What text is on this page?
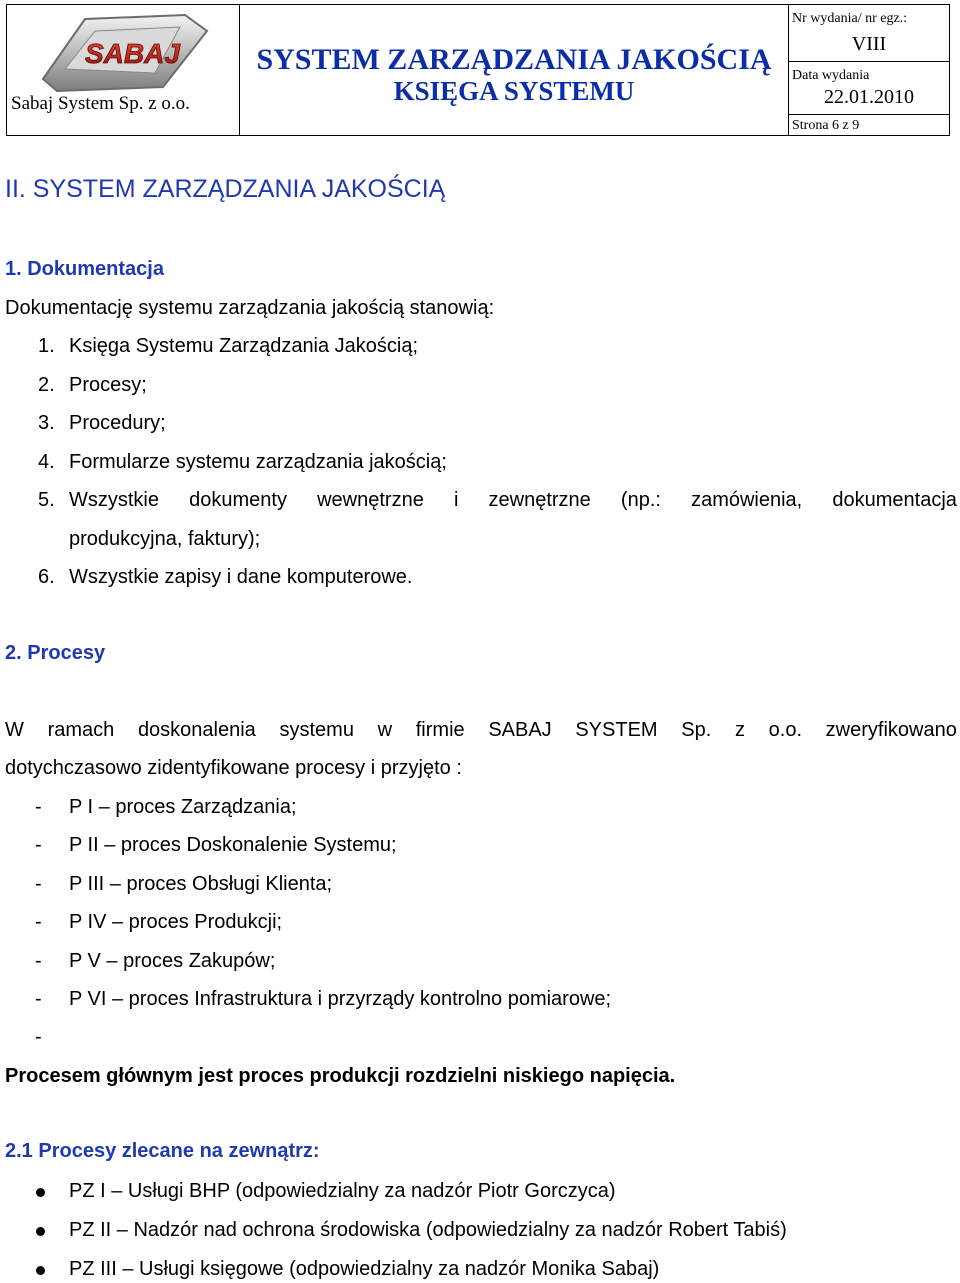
SABAJ
Sabaj System Sp. z o.o.
SYSTEM ZARZĄDZANIA JAKOŚCIĄ
KSIĘGA SYSTEMU
Nr wydania/ nr egz.:
VIII
Data wydania
22.01.2010
Strona 6 z 9
II. SYSTEM ZARZĄDZANIA JAKOŚCIĄ
1. Dokumentacja
Dokumentację systemu zarządzania jakością stanowią:
1. Księga Systemu Zarządzania Jakością;
2. Procesy;
3. Procedury;
4. Formularze systemu zarządzania jakością;
5. Wszystkie dokumenty wewnętrzne i zewnętrzne (np.: zamówienia, dokumentacja
produkcyjna, faktury);
6. Wszystkie zapisy i dane komputerowe.
2. Procesy
W ramach doskonalenia systemu w firmie SABAJ SYSTEM Sp. z o.o. zweryfikowano
dotychczasowo zidentyfikowane procesy i przyjęto :
- P I – proces Zarządzania;
- P II – proces Doskonalenie Systemu;
- P III – proces Obsługi Klienta;
- P IV – proces Produkcji;
- P V – proces Zakupów;
- P VI – proces Infrastruktura i przyrządy kontrolno pomiarowe;
-
Procesem głównym jest proces produkcji rozdzielni niskiego napięcia.
2.1 Procesy zlecane na zewnątrz:
PZ I – Usługi BHP (odpowiedzialny za nadzór Piotr Gorczyca)
PZ II – Nadzór nad ochrona środowiska (odpowiedzialny za nadzór Robert Tabiś)
PZ III – Usługi księgowe (odpowiedzialny za nadzór Monika Sabaj)
